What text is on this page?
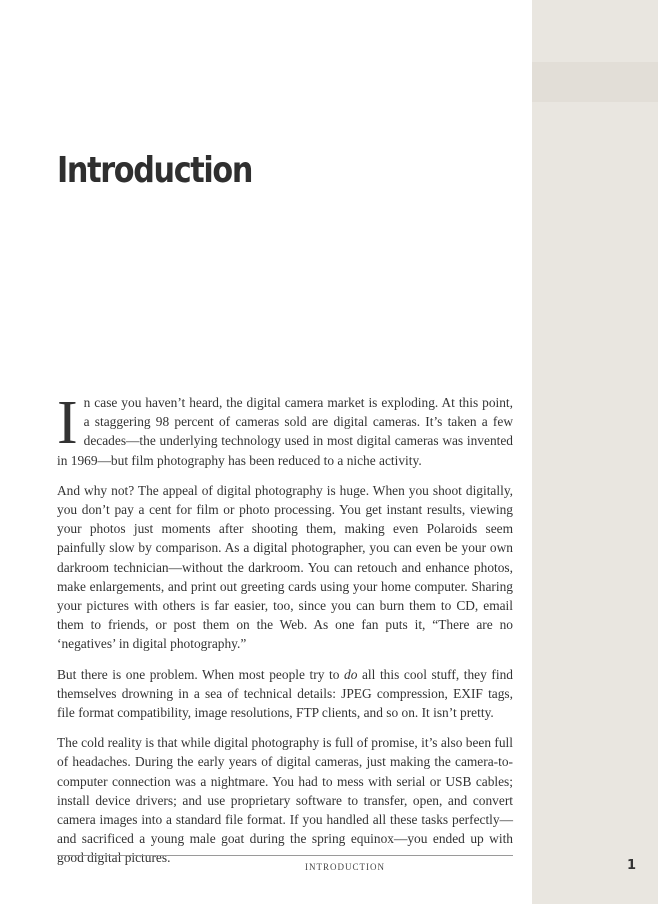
Introduction

In case you haven’t heard, the digital camera market is exploding. At this point, a staggering 98 percent of cameras sold are digital cameras. It’s taken a few decades—the underlying technology used in most digital cameras was invented in 1969—but film photography has been reduced to a niche activity.

And why not? The appeal of digital photography is huge. When you shoot digitally, you don’t pay a cent for film or photo processing. You get instant results, viewing your photos just moments after shooting them, making even Polaroids seem painfully slow by comparison. As a digital photographer, you can even be your own darkroom technician—without the darkroom. You can retouch and enhance photos, make enlargements, and print out greeting cards using your home computer. Sharing your pictures with others is far easier, too, since you can burn them to CD, email them to friends, or post them on the Web. As one fan puts it, “There are no ‘negatives’ in digital photography.”

But there is one problem. When most people try to do all this cool stuff, they find themselves drowning in a sea of technical details: JPEG compression, EXIF tags, file format compatibility, image resolutions, FTP clients, and so on. It isn’t pretty.

The cold reality is that while digital photography is full of promise, it’s also been full of headaches. During the early years of digital cameras, just making the camera-to-computer connection was a nightmare. You had to mess with serial or USB cables; install device drivers; and use proprietary software to transfer, open, and convert camera images into a standard file format. If you handled all these tasks perfectly—and sacrificed a young male goat during the spring equinox—you ended up with good digital pictures.

INTRODUCTION	1
